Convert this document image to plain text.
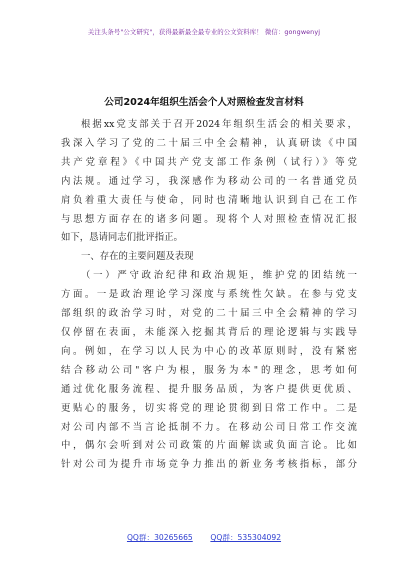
关注头条号"公文研究"，获得最新最全最专业的公文资料库！ 微信：gongwenyj
公司2024年组织生活会个人对照检查发言材料
根据xx党支部关于召开2024年组织生活会的相关要求，
我深入学习了党的二十届三中全会精神，认真研读《中国
共产党章程》《中国共产党支部工作条例（试行）》等党
内法规。通过学习，我深感作为移动公司的一名普通党员
肩负着重大责任与使命，同时也清晰地认识到自己在工作
与思想方面存在的诸多问题。现将个人对照检查情况汇报
如下，恳请同志们批评指正。
一、存在的主要问题及表现
（一）严守政治纪律和政治规矩，维护党的团结统一
方面。一是政治理论学习深度与系统性欠缺。在参与党支
部组织的政治学习时，对党的二十届三中全会精神的学习
仅停留在表面，未能深入挖掘其背后的理论逻辑与实践导
向。例如，在学习以人民为中心的改革原则时，没有紧密
结合移动公司"客户为根，服务为本"的理念，思考如何
通过优化服务流程、提升服务品质，为客户提供更优质、
更贴心的服务，切实将党的理论贯彻到日常工作中。二是
对公司内部不当言论抵制不力。在移动公司日常工作交流
中，偶尔会听到对公司政策的片面解读或负面言论。比如
针对公司为提升市场竞争力推出的新业务考核指标，部分
QQ群：30265665 QQ群：535304092
